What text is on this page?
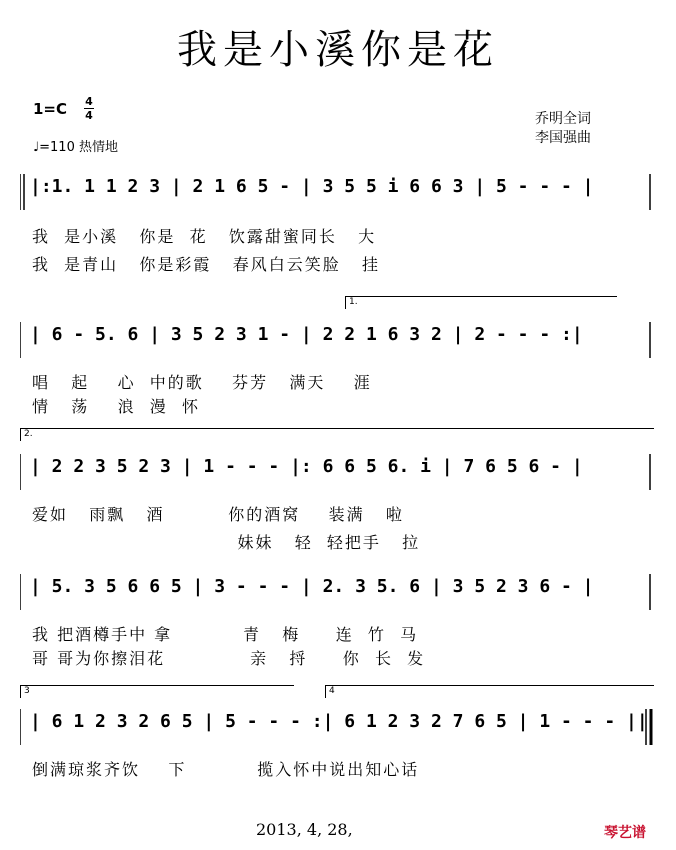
我是小溪你是花
1=C 4
4
♩=110 热情地
乔明全词
李国强曲
|:1. 1 1 2 3 | 2 1 6 5 - | 3 5 5 i 6 6 3 | 5 - - - |
我  是小溪   你是  花   饮露甜蜜同长   大
我  是青山   你是彩霞   春风白云笑脸   挂
1.
| 6 - 5. 6 | 3 5 2 3 1 - | 2 2 1 6 3 2 | 2 - - - :|
唱   起    心  中的歌    芬芳   满天    涯
情   荡    浪  漫  怀
2.
| 2 2 3 5 2 3 | 1 - - - |: 6 6 5 6. i | 7 6 5 6 - |
爱如   雨飘   酒         你的酒窝    装满   啦
妹妹   轻  轻把手   拉
| 5. 3 5 6 6 5 | 3 - - - | 2. 3 5. 6 | 3 5 2 3 6 - |
我 把酒樽手中 拿          青   梅     连  竹  马
哥 哥为你擦泪花            亲   捋     你  长  发
3	4
| 6 1 2 3 2 6 5 | 5 - - - :| 6 1 2 3 2 7 6 5 | 1 - - - ||
倒满琼浆齐饮    下          揽入怀中说出知心话
2013, 4, 28,	琴艺谱
